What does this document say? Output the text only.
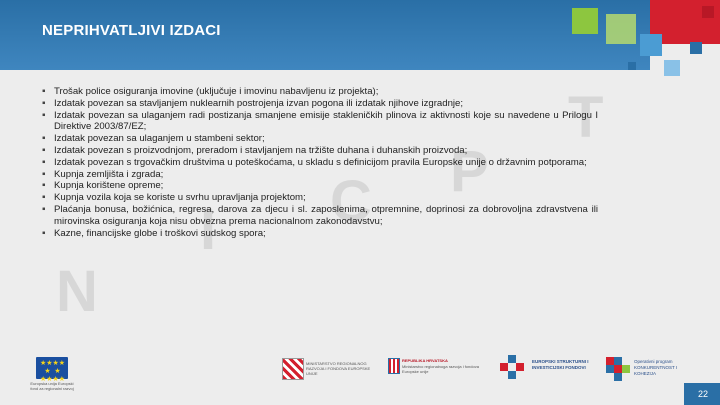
NEPRIHVATLJIVI IZDACI
N
I C P
T
▪ Trošak police osiguranja imovine (uključuje i imovinu nabavljenu iz projekta);
▪ Izdatak povezan sa stavljanjem nuklearnih postrojenja izvan pogona ili izdatak njihove izgradnje;
▪ Izdatak povezan sa ulaganjem radi postizanja smanjene emisije stakleničkih plinova iz aktivnosti koje su navedene u Prilogu I Direktive 2003/87/EZ;
▪ Izdatak povezan sa ulaganjem u stambeni sektor;
▪ Izdatak povezan s proizvodnjom, preradom i stavljanjem na tržište duhana i duhanskih proizvoda;
▪ Izdatak povezan s trgovačkim društvima u poteškoćama, u skladu s definicijom pravila Europske unije o državnim potporama;
▪ Kupnja zemljišta i zgrada;
▪ Kupnja korištene opreme;
▪ Kupnja vozila koja se koriste u svrhu upravljanja projektom;
▪ Plaćanja bonusa, božićnica, regresa, darova za djecu i sl. zaposlenima, otpremnine, doprinosi za dobrovoljna zdravstvena ili mirovinska osiguranja koja nisu obvezna prema nacionalnom zakonodavstvu;
▪ Kazne, financijske globe i troškovi sudskog spora;
★ ★ ★ ★
★     ★
★ ★ ★ ★
Europska unija Europski fond za regionalni razvoj
MINISTARSTVO REGIONALNOG RAZVOJA I FONDOVA EUROPSKE UNIJE
REPUBLIKA HRVATSKA
Ministarstvo regionalnoga razvoja i fondova Europske unije
EUROPSKI STRUKTURNI I INVESTICIJSKI FONDOVI
Operativni program KONKURENTNOST I KOHEZIJA
22
